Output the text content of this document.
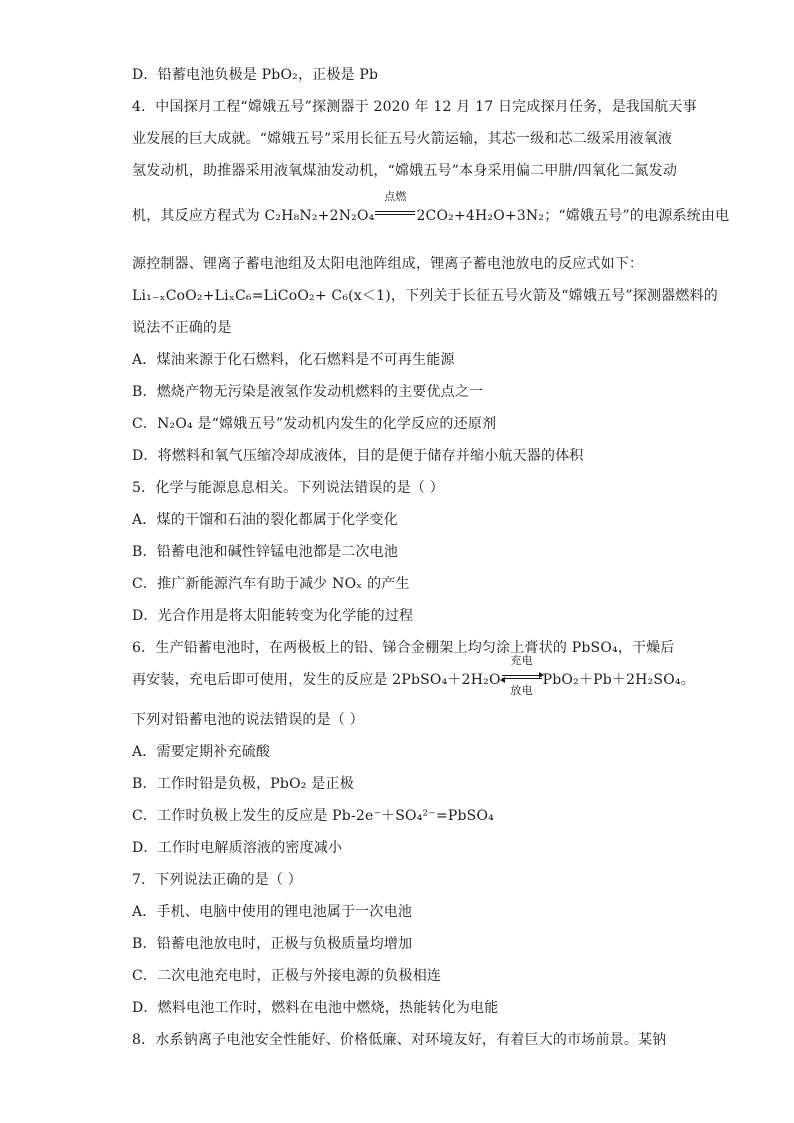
D．铅蓄电池负极是 PbO₂，正极是 Pb
4．中国探月工程“嫦娥五号”探测器于 2020 年 12 月 17 日完成探月任务，是我国航天事
业发展的巨大成就。“嫦娥五号”采用长征五号火箭运输，其芯一级和芯二级采用液氧液
氢发动机，助推器采用液氧煤油发动机，“嫦娥五号”本身采用偏二甲肼/四氧化二氮发动
机，其反应方程式为 C₂H₈N₂+2N₂O₄
点燃
2CO₂+4H₂O+3N₂；“嫦娥五号”的电源系统由电
源控制器、锂离子蓄电池组及太阳电池阵组成，锂离子蓄电池放电的反应式如下：
Li₁₋ₓCoO₂+LiₓC₆=LiCoO₂+ C₆(x＜1)，下列关于长征五号火箭及“嫦娥五号”探测器燃料的
说法不正确的是
A．煤油来源于化石燃料，化石燃料是不可再生能源
B．燃烧产物无污染是液氢作发动机燃料的主要优点之一
C．N₂O₄ 是“嫦娥五号”发动机内发生的化学反应的还原剂
D．将燃料和氧气压缩冷却成液体，目的是便于储存并缩小航天器的体积
5．化学与能源息息相关。下列说法错误的是（ ）
A．煤的干馏和石油的裂化都属于化学变化
B．铅蓄电池和碱性锌锰电池都是二次电池
C．推广新能源汽车有助于减少 NOₓ 的产生
D．光合作用是将太阳能转变为化学能的过程
6．生产铅蓄电池时，在两极板上的铅、锑合金棚架上均匀涂上膏状的 PbSO₄，干燥后
再安装，充电后即可使用，发生的反应是 2PbSO₄＋2H₂O
充电
放电
PbO₂＋Pb＋2H₂SO₄。
下列对铅蓄电池的说法错误的是（ ）
A．需要定期补充硫酸
B．工作时铅是负极，PbO₂ 是正极
C．工作时负极上发生的反应是 Pb-2e⁻＋SO₄²⁻=PbSO₄
D．工作时电解质溶液的密度减小
7．下列说法正确的是（ ）
A．手机、电脑中使用的锂电池属于一次电池
B．铅蓄电池放电时，正极与负极质量均增加
C．二次电池充电时，正极与外接电源的负极相连
D．燃料电池工作时，燃料在电池中燃烧，热能转化为电能
8．水系钠离子电池安全性能好、价格低廉、对环境友好，有着巨大的市场前景。某钠
